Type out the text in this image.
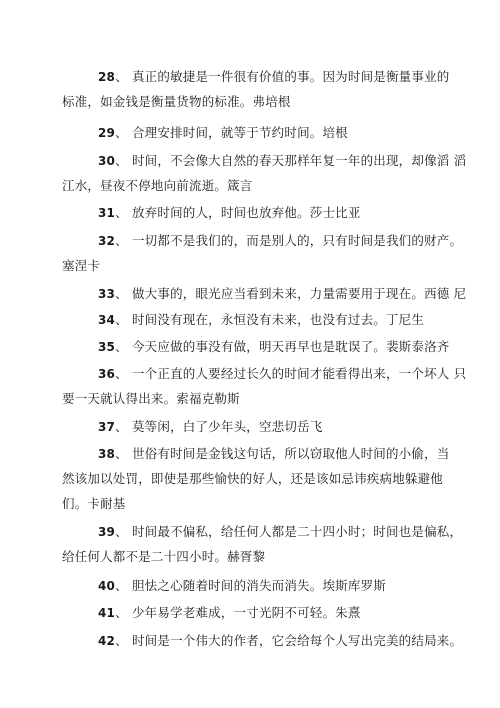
28、 真正的敏捷是一件很有价值的事。因为时间是衡量事业的
标准，如金钱是衡量货物的标准。弗培根
29、 合理安排时间，就等于节约时间。培根
30、 时间，不会像大自然的春天那样年复一年的出现，却像滔 滔
江水，昼夜不停地向前流逝。箴言
31、 放弃时间的人，时间也放弃他。莎士比亚
32、 一切都不是我们的，而是别人的，只有时间是我们的财产。
塞涅卡
33、 做大事的，眼光应当看到未来，力量需要用于现在。西德 尼
34、 时间没有现在，永恒没有未来，也没有过去。丁尼生
35、 今天应做的事没有做，明天再早也是耽误了。裴斯泰洛齐
36、 一个正直的人要经过长久的时间才能看得出来，一个坏人 只
要一天就认得出来。索福克勒斯
37、 莫等闲，白了少年头，空悲切岳飞
38、 世俗有时间是金钱这句话，所以窃取他人时间的小偷，当
然该加以处罚，即使是那些愉快的好人，还是该如忌讳疾病地躲避他
们。卡耐基
39、 时间最不偏私，给任何人都是二十四小时；时间也是偏私，
给任何人都不是二十四小时。赫胥黎
40、 胆怯之心随着时间的消失而消失。埃斯库罗斯
41、 少年易学老难成，一寸光阴不可轻。朱熹
42、 时间是一个伟大的作者，它会给每个人写出完美的结局来。
